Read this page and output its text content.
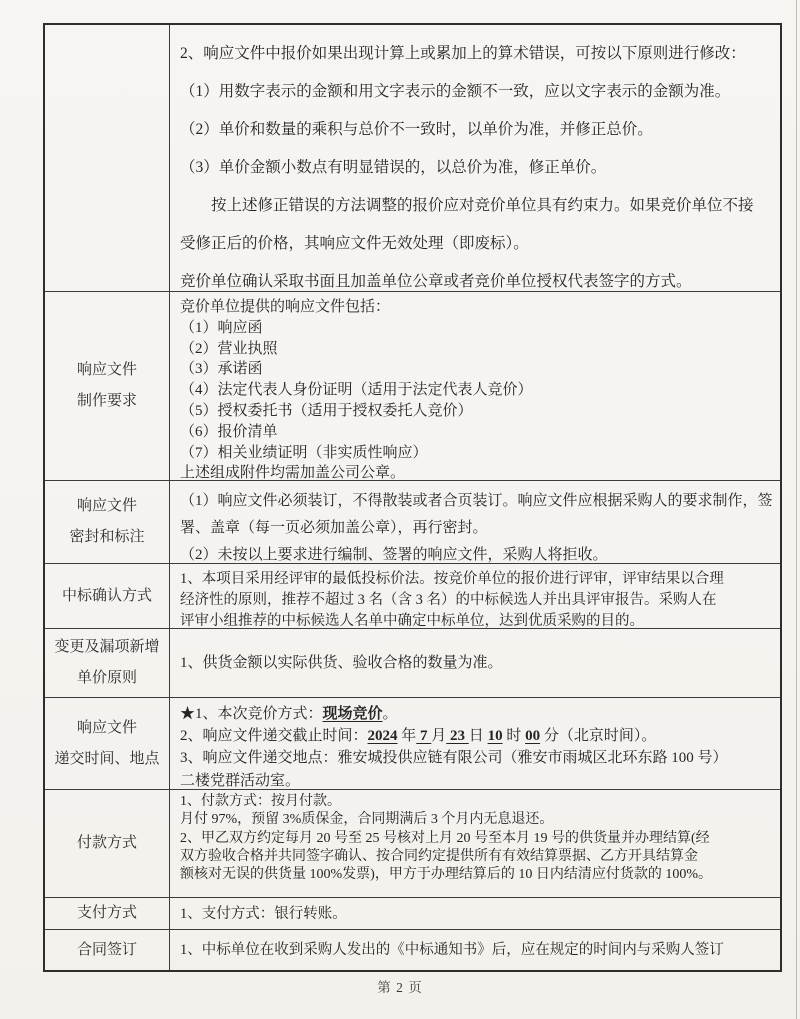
2、响应文件中报价如果出现计算上或累加上的算术错误，可按以下原则进行修改：

（1）用数字表示的金额和用文字表示的金额不一致，应以文字表示的金额为准。

（2）单价和数量的乘积与总价不一致时，以单价为准，并修正总价。

（3）单价金额小数点有明显错误的，以总价为准，修正单价。

　　按上述修正错误的方法调整的报价应对竞价单位具有约束力。如果竞价单位不接

受修正后的价格，其响应文件无效处理（即废标）。

竞价单位确认采取书面且加盖单位公章或者竞价单位授权代表签字的方式。

响应文件
制作要求

竞价单位提供的响应文件包括：

（1）响应函

（2）营业执照

（3）承诺函

（4）法定代表人身份证明（适用于法定代表人竞价）

（5）授权委托书（适用于授权委托人竞价）

（6）报价清单

（7）相关业绩证明（非实质性响应）

上述组成附件均需加盖公司公章。

响应文件
密封和标注

（1）响应文件必须装订，不得散装或者合页装订。响应文件应根据采购人的要求制作，签署、盖章（每一页必须加盖公章），再行密封。

（2）未按以上要求进行编制、签署的响应文件，采购人将拒收。

中标确认方式

1、本项目采用经评审的最低投标价法。按竞价单位的报价进行评审，评审结果以合理

经济性的原则，推荐不超过 3 名（含 3 名）的中标候选人并出具评审报告。采购人在

评审小组推荐的中标候选人名单中确定中标单位，达到优质采购的目的。

变更及漏项新增
单价原则

1、供货金额以实际供货、验收合格的数量为准。

响应文件
递交时间、地点

★1、本次竞价方式：现场竞价。

2、响应文件递交截止时间：2024 年 7 月 23 日 10 时 00 分（北京时间）。

3、响应文件递交地点：雅安城投供应链有限公司（雅安市雨城区北环东路 100 号）

二楼党群活动室。

付款方式

1、付款方式：按月付款。

月付 97%，预留 3%质保金，合同期满后 3 个月内无息退还。

2、甲乙双方约定每月 20 号至 25 号核对上月 20 号至本月 19 号的供货量并办理结算(经

双方验收合格并共同签字确认、按合同约定提供所有有效结算票据、乙方开具结算金

额核对无误的供货量 100%发票)，甲方于办理结算后的 10 日内结清应付货款的 100%。

支付方式	1、支付方式：银行转账。

合同签订	1、中标单位在收到采购人发出的《中标通知书》后，应在规定的时间内与采购人签订

第 2 页
